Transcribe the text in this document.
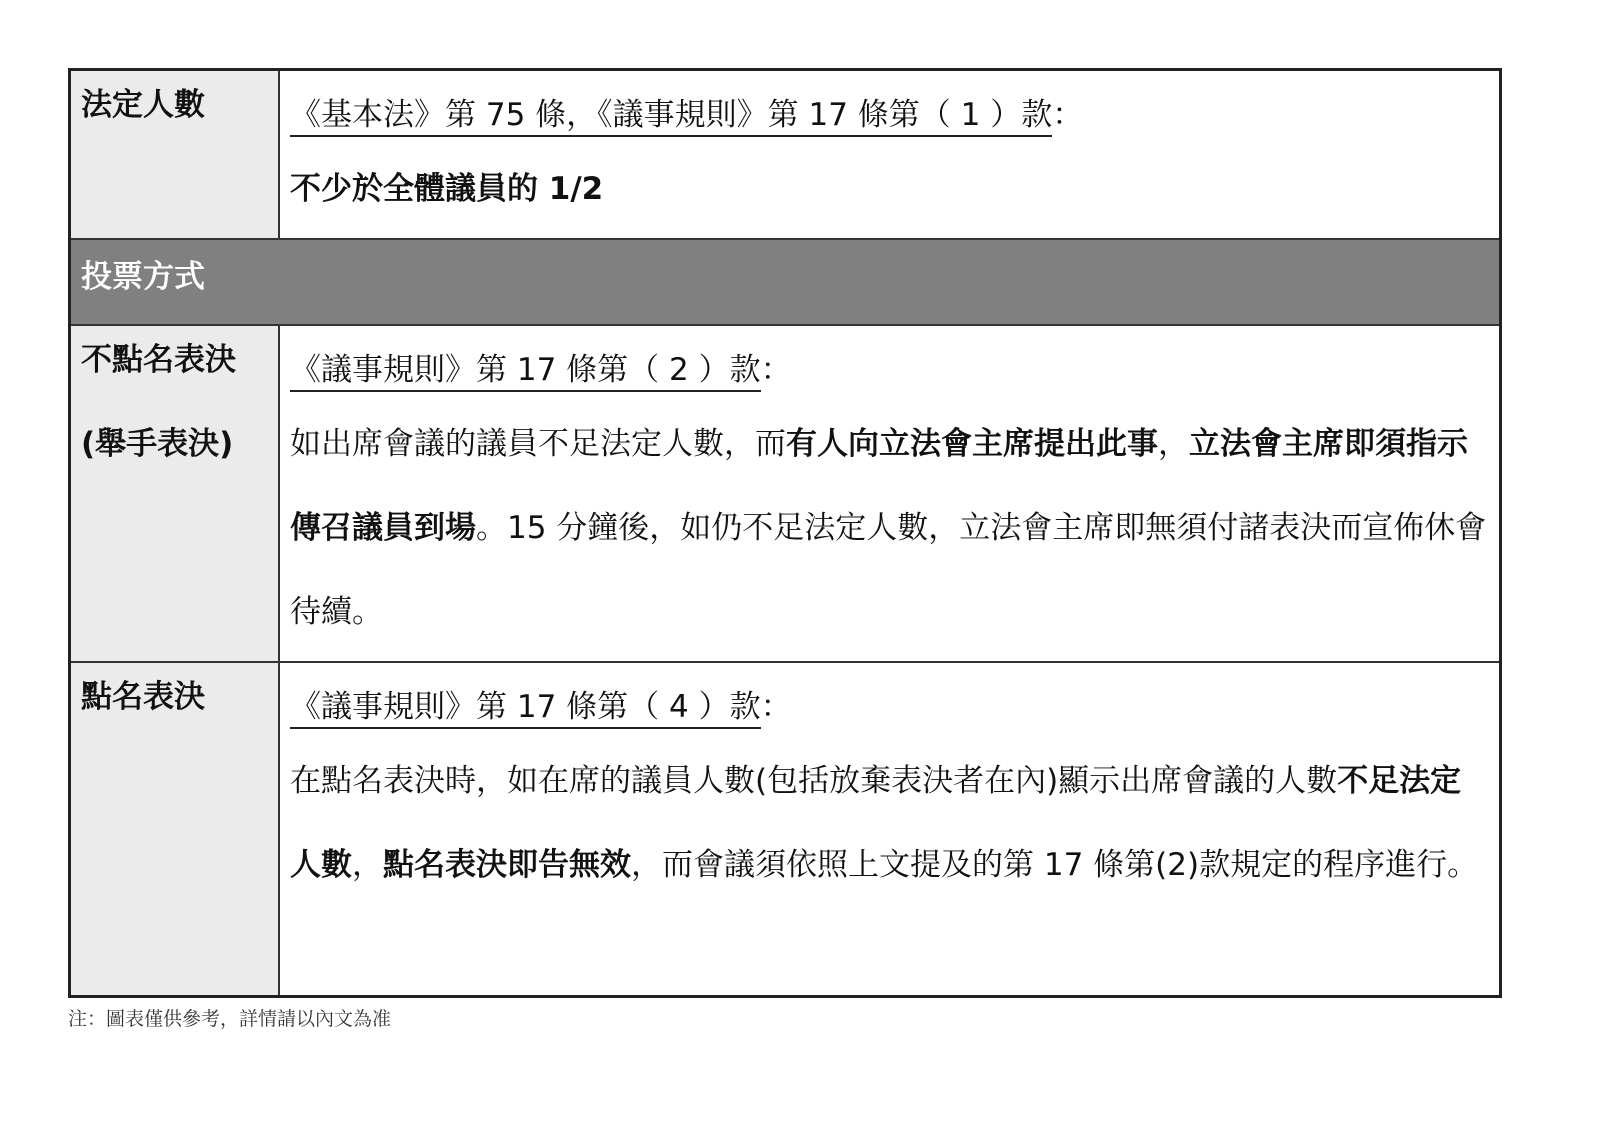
法定人數	《基本法》第 75 條，《議事規則》第 17 條第（ 1 ）款：
不少於全體議員的 1/2
投票方式
不點名表決
(舉手表決)
《議事規則》第 17 條第（ 2 ）款：
如出席會議的議員不足法定人數，而有人向立法會主席提出此事，立法會主席即須指示傳召議員到場。15 分鐘後，如仍不足法定人數，立法會主席即無須付諸表決而宣佈休會待續。
點名表決	《議事規則》第 17 條第（ 4 ）款：
在點名表決時，如在席的議員人數(包括放棄表決者在內)顯示出席會議的人數不足法定人數，點名表決即告無效，而會議須依照上文提及的第 17 條第(2)款規定的程序進行。
注：圖表僅供參考，詳情請以內文為准
